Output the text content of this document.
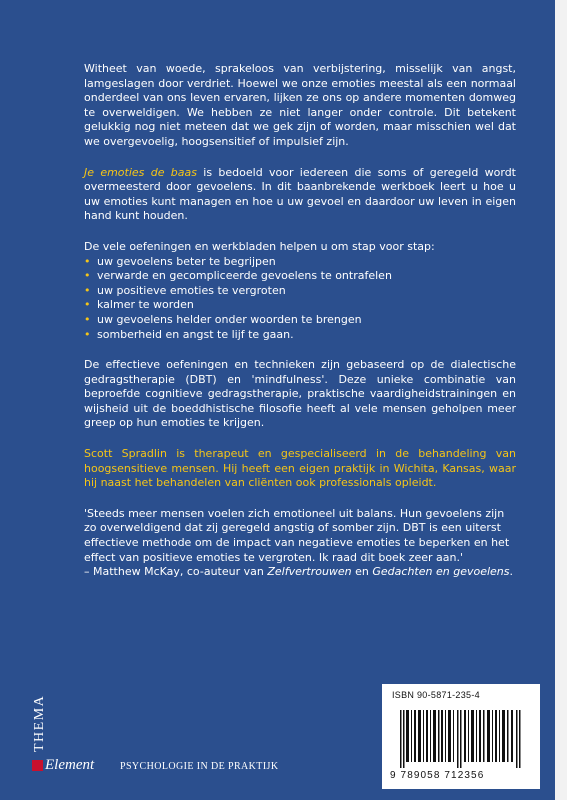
Witheet van woede, sprakeloos van verbijstering, misselijk van angst, lamgeslagen door verdriet. Hoewel we onze emoties meestal als een normaal onderdeel van ons leven ervaren, lijken ze ons op andere momenten domweg te overweldigen. We hebben ze niet langer onder controle. Dit betekent gelukkig nog niet meteen dat we gek zijn of worden, maar misschien wel dat we overgevoelig, hoogsensitief of impulsief zijn.

Je emoties de baas is bedoeld voor iedereen die soms of geregeld wordt overmeesterd door gevoelens. In dit baanbrekende werkboek leert u hoe u uw emoties kunt managen en hoe u uw gevoel en daardoor uw leven in eigen hand kunt houden.

De vele oefeningen en werkbladen helpen u om stap voor stap:
• uw gevoelens beter te begrijpen
• verwarde en gecompliceerde gevoelens te ontrafelen
• uw positieve emoties te vergroten
• kalmer te worden
• uw gevoelens helder onder woorden te brengen
• somberheid en angst te lijf te gaan.

De effectieve oefeningen en technieken zijn gebaseerd op de dialectische gedragstherapie (DBT) en 'mindfulness'. Deze unieke combinatie van beproefde cognitieve gedragstherapie, praktische vaardigheidstrainingen en wijsheid uit de boeddhistische filosofie heeft al vele mensen geholpen meer greep op hun emoties te krijgen.

Scott Spradlin is therapeut en gespecialiseerd in de behandeling van hoogsensitieve mensen. Hij heeft een eigen praktijk in Wichita, Kansas, waar hij naast het behandelen van cliënten ook professionals opleidt.

'Steeds meer mensen voelen zich emotioneel uit balans. Hun gevoelens zijn zo overweldigend dat zij geregeld angstig of somber zijn. DBT is een uiterst effectieve methode om de impact van negatieve emoties te beperken en het effect van positieve emoties te vergroten. Ik raad dit boek zeer aan.'

– Matthew McKay, co-auteur van Zelfvertrouwen en Gedachten en gevoelens.

ISBN 90-5871-235-4
9 789058 712356
THEMA
Element	PSYCHOLOGIE IN DE PRAKTIJK
